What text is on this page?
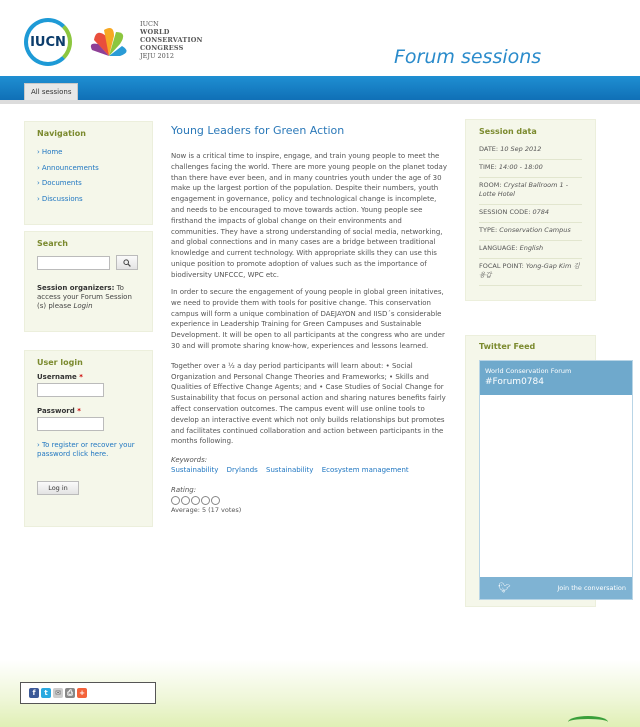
IUCN
IUCN
WORLD
CONSERVATION
CONGRESS
JEJU 2012	Forum sessions
All sessions
Navigation
› Home
› Announcements
› Documents
› Discussions
Search
Session organizers: To access your Forum Session (s) please Login
User login
Username *
Password *
› To register or recover your password click here.
Log in
Young Leaders for Green Action

Now is a critical time to inspire, engage, and train young people to meet the challenges facing the world. There are more young people on the planet today than there have ever been, and in many countries youth under the age of 30 make up the largest portion of the population. Despite their numbers, youth engagement in governance, policy and technological change is incomplete, and needs to be encouraged to move towards action. Young people see firsthand the impacts of global change on their environments and communities. They have a strong understanding of social media, networking, and global connections and in many cases are a bridge between traditional knowledge and current technology. With appropriate skills they can use this unique position to promote adoption of values such as the importance of biodiversity UNFCCC, WPC etc.

In order to secure the engagement of young people in global green initatives, we need to provide them with tools for positive change. This conservation campus will form a unique combination of DAEJAYON and IISD´s considerable experience in Leadership Training for Green Campuses and Sustainable Development. It will be open to all participants at the congress who are under 30 and will promote sharing know-how, experiences and lessons learned.

Together over a ½ a day period participants will learn about: • Social Organization and Personal Change Theories and Frameworks; • Skills and Qualities of Effective Change Agents; and • Case Studies of Social Change for Sustainability that focus on personal action and sharing natures benefits fairly affect conservation outcomes. The campus event will use online tools to develop an interactive event which not only builds relationships but promotes and facilitates continued collaboration and action between participants in the months following.

Keywords:
Sustainability Drylands Sustainability Ecosystem management
Rating:
Average: 5 (17 votes)
Session data
DATE: 10 Sep 2012
TIME: 14:00 - 18:00
ROOM: Crystal Ballroom 1 - Lotte Hotel
SESSION CODE: 0784
TYPE: Conservation Campus
LANGUAGE: English
FOCAL POINT: Yong-Gap Kim 김용갑
Twitter Feed
World Conservation Forum
#Forum0784
🐦︎	Join the conversation
f	t	✉ ⎙ +
